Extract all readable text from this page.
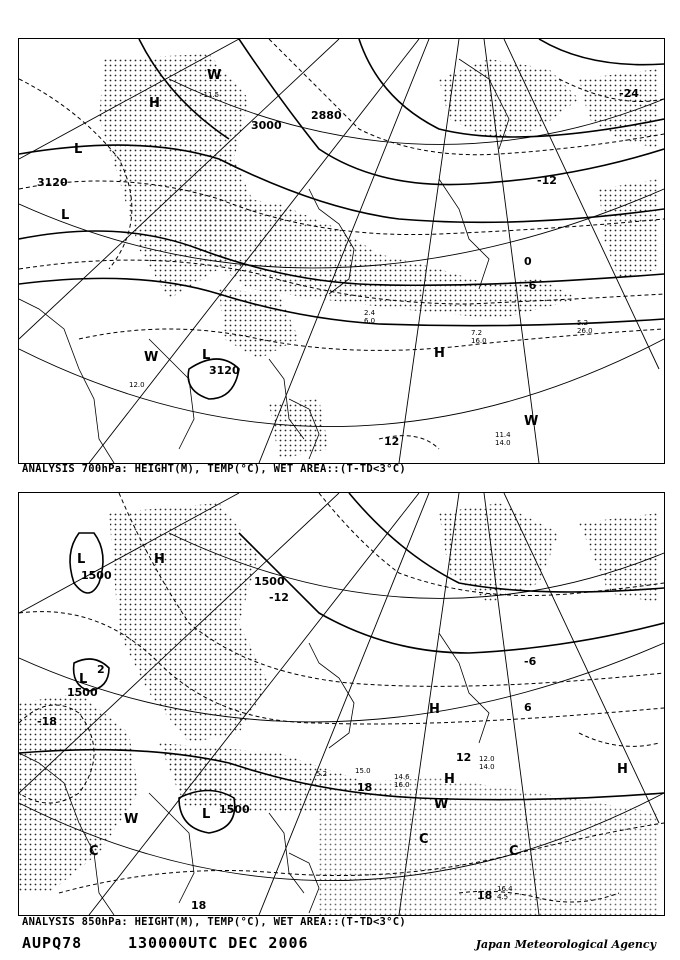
H
L
L	H
W
W
W
L
3000
3120
3120
2880
-12
-24
0
-6
12	11.4
14.0
7.2
16.0
5.2
26.0
-11.5
12.0
2.4
6.0
ANALYSIS 700hPa: HEIGHT(M), TEMP(°C), WET AREA::(T-TD<3°C)
L
L
L
H
H
H
W
W
C
C
C
H
1500
1500
1500
1500
-18
-12
-6
6
12
18
18
18
2
14.6
16.0
5.2	15.0
16.4
4.5
12.0
14.0
ANALYSIS 850hPa: HEIGHT(M), TEMP(°C), WET AREA::(T-TD<3°C)
AUPQ78	130000UTC DEC 2006	Japan Meteorological Agency
